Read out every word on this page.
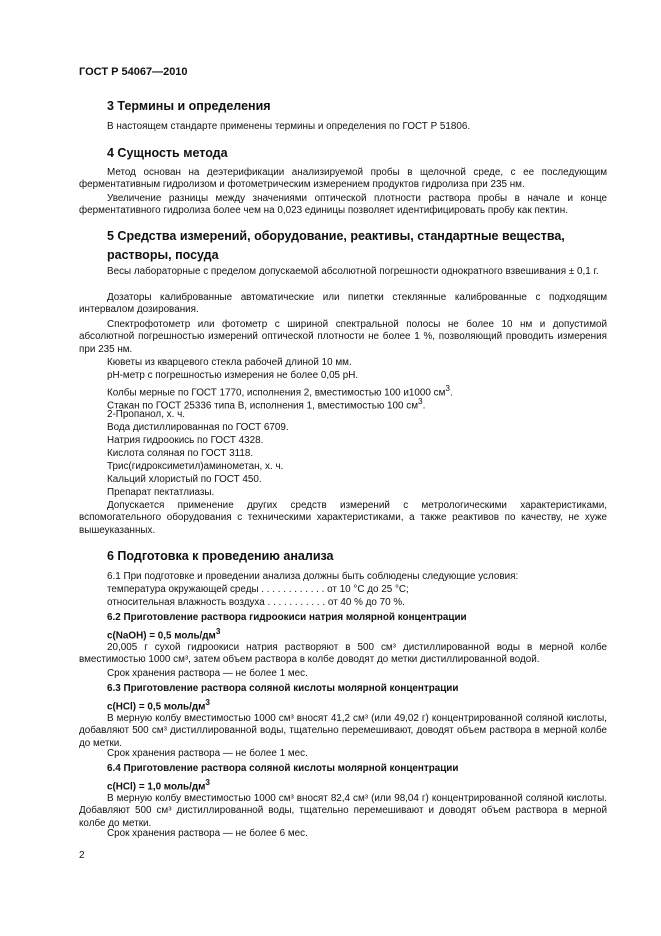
ГОСТ Р 54067—2010
3 Термины и определения
В настоящем стандарте применены термины и определения по ГОСТ Р 51806.
4 Сущность метода
Метод основан на деэтерификации анализируемой пробы в щелочной среде, с ее последующим ферментативным гидролизом и фотометрическим измерением продуктов гидролиза при 235 нм.
Увеличение разницы между значениями оптической плотности раствора пробы в начале и конце ферментативного гидролиза более чем на 0,023 единицы позволяет идентифицировать пробу как пектин.
5 Средства измерений, оборудование, реактивы, стандартные вещества,
растворы, посуда
Весы лабораторные с пределом допускаемой абсолютной погрешности однократного взвешивания ± 0,1 г.
Дозаторы калиброванные автоматические или пипетки стеклянные калиброванные с подходящим интервалом дозирования.
Спектрофотометр или фотометр с шириной спектральной полосы не более 10 нм и допустимой абсолютной погрешностью измерений оптической плотности не более 1 %, позволяющий проводить измерения при 235 нм.
Кюветы из кварцевого стекла рабочей длиной 10 мм.
pH-метр с погрешностью измерения не более 0,05 pH.
Колбы мерные по ГОСТ 1770, исполнения 2, вместимостью 100 и1000 $см^3$.
Стакан по ГОСТ 25336 типа В, исполнения 1, вместимостью 100 $см^3$.
2-Пропанол, х. ч.
Вода дистиллированная по ГОСТ 6709.
Натрия гидроокись по ГОСТ 4328.
Кислота соляная по ГОСТ 3118.
Трис(гидроксиметил)аминометан, х. ч.
Кальций хлористый по ГОСТ 450.
Препарат пектатлиазы.
Допускается применение других средств измерений с метрологическими характеристиками, вспомогательного оборудования с техническими характеристиками, а также реактивов по качеству, не хуже вышеуказанных.
6 Подготовка к проведению анализа
6.1 При подготовке и проведении анализа должны быть соблюдены следующие условия:
температура окружающей среды . . . . . . . . . . . . от 10 °С до 25 °С;
относительная влажность воздуха . . . . . . . . . . . от 40 % до 70 %.
6.2 Приготовление раствора гидроокиси натрия молярной концентрации
c(NaOH) = 0,5 моль/$дм^3$
20,005 г сухой гидроокиси натрия растворяют в 500 см³ дистиллированной воды в мерной колбе вместимостью 1000 см³, затем объем раствора в колбе доводят до метки дистиллированной водой.
Срок хранения раствора — не более 1 мес.
6.3 Приготовление раствора соляной кислоты молярной концентрации
c(HCl) = 0,5 моль/$дм^3$
В мерную колбу вместимостью 1000 см³ вносят 41,2 см³ (или 49,02 г) концентрированной соляной кислоты, добавляют 500 см³ дистиллированной воды, тщательно перемешивают, доводят объем раствора в мерной колбе до метки.
Срок хранения раствора — не более 1 мес.
6.4 Приготовление раствора соляной кислоты молярной концентрации
c(HCl) = 1,0 моль/$дм^3$
В мерную колбу вместимостью 1000 см³ вносят 82,4 см³ (или 98,04 г) концентрированной соляной кислоты. Добавляют 500 см³ дистиллированной воды, тщательно перемешивают и доводят объем раствора в мерной колбе до метки.
Срок хранения раствора — не более 6 мес.
2
